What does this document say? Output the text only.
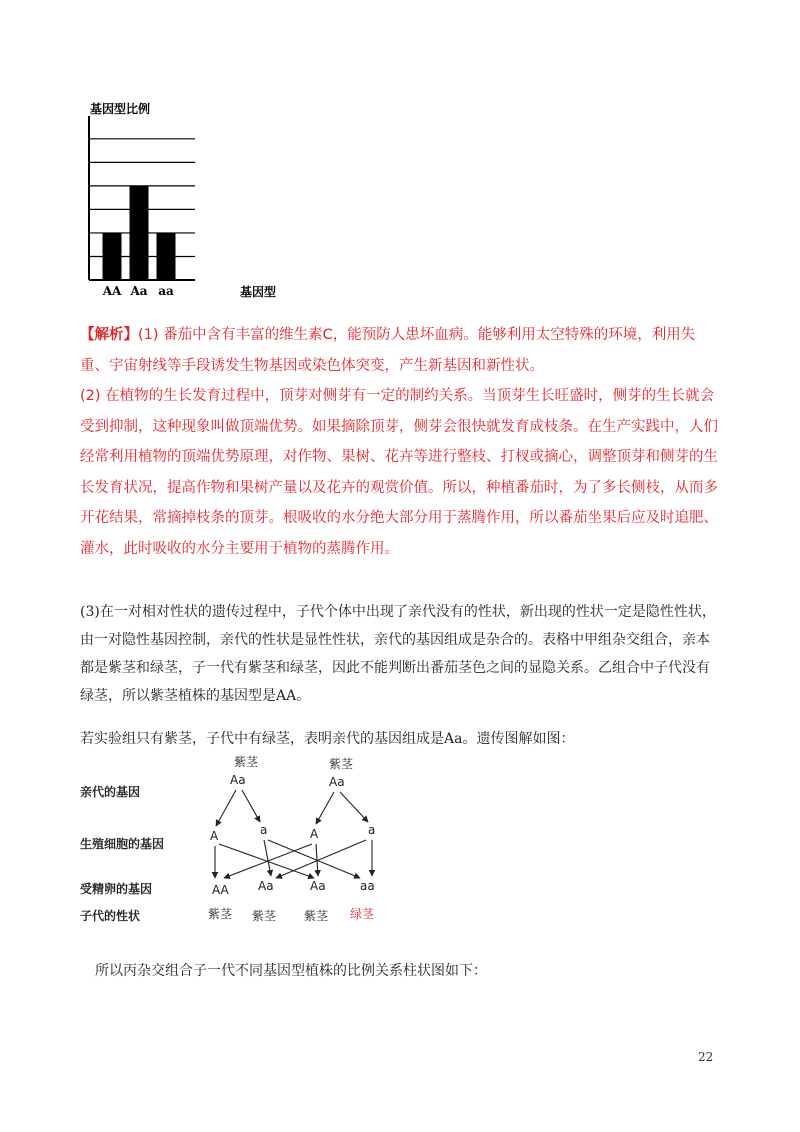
基因型比例
基因型
AA Aa aa
【解析】(1) 番茄中含有丰富的维生素C，能预防人患坏血病。能够利用太空特殊的环境，利用失重、宇宙射线等手段诱发生物基因或染色体突变，产生新基因和新性状。
(2) 在植物的生长发育过程中，顶芽对侧芽有一定的制约关系。当顶芽生长旺盛时，侧芽的生长就会受到抑制，这种现象叫做顶端优势。如果摘除顶芽，侧芽会很快就发育成枝条。在生产实践中，人们经常利用植物的顶端优势原理，对作物、果树、花卉等进行整枝、打杈或摘心，调整顶芽和侧芽的生长发育状况，提高作物和果树产量以及花卉的观赏价值。所以，种植番茄时，为了多长侧枝，从而多开花结果，常摘掉枝条的顶芽。根吸收的水分绝大部分用于蒸腾作用，所以番茄坐果后应及时追肥、灌水，此时吸收的水分主要用于植物的蒸腾作用。

(3)在一对相对性状的遗传过程中，子代个体中出现了亲代没有的性状，新出现的性状一定是隐性性状，由一对隐性基因控制，亲代的性状是显性性状，亲代的基因组成是杂合的。表格中甲组杂交组合，亲本都是紫茎和绿茎，子一代有紫茎和绿茎，因此不能判断出番茄茎色之间的显隐关系。乙组合中子代没有绿茎，所以紫茎植株的基因型是AA。

若实验组只有紫茎，子代中有绿茎，表明亲代的基因组成是Aa。遗传图解如图：
亲代的基因
生殖细胞的基因
受精卵的基因
子代的性状
紫茎
Aa
紫茎
Aa
A	a	A	a
AA Aa	Aa	aa
紫茎 紫茎 紫茎 绿茎
所以丙杂交组合子一代不同基因型植株的比例关系柱状图如下：
22
